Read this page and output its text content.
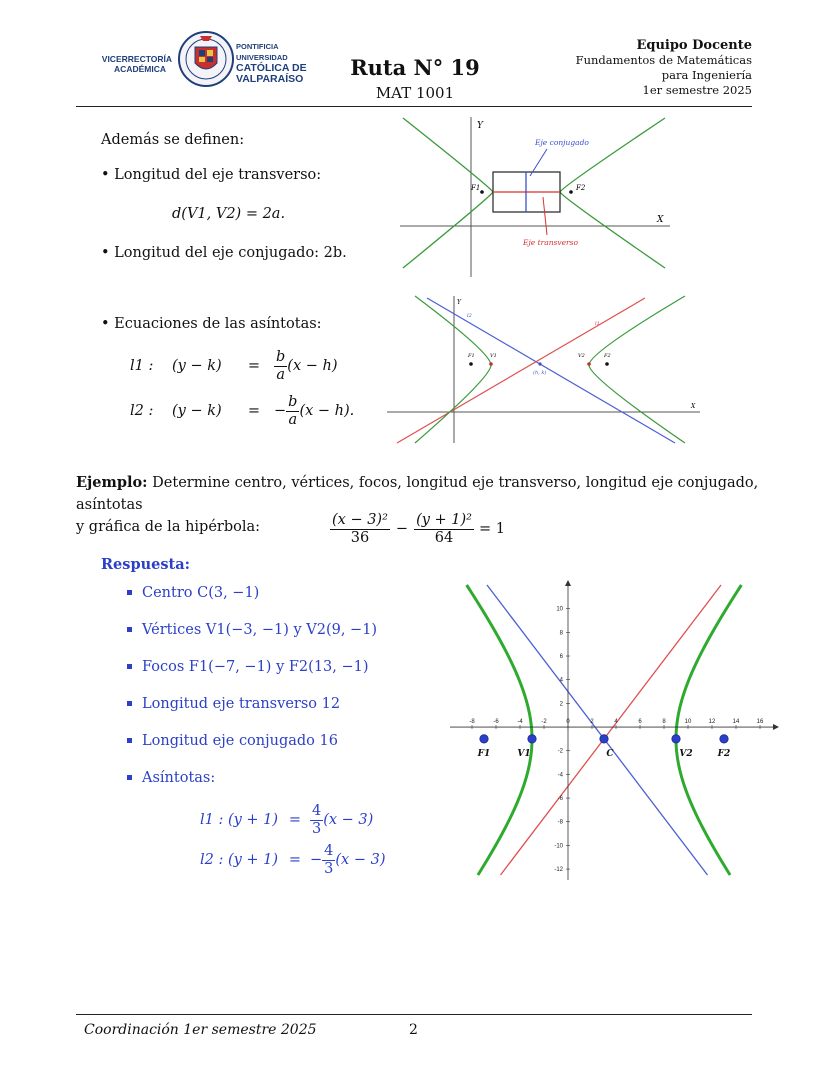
VICERRECTORÍA
ACADÉMICA
PONTIFICIA
UNIVERSIDAD
CATÓLICA DE
VALPARAÍSO	Ruta N° 19
MAT 1001
Equipo Docente
Fundamentos de Matemáticas
para Ingeniería
1er semestre 2025
Además se definen:
• Longitud del eje transverso:
d(V1, V2) = 2a.
• Longitud del eje conjugado: 2b.
• Ecuaciones de las asíntotas:
l1 :	(y − k)	= $\frac{b}{a} (x - h)$
l2 :	(y − k)	= − $\frac{b}{a} (x - h)$.
Y
X
F1	F2
Eje conjugado
Eje transverso
Y
X
l1
l2
F1	V1
(h, k)
V2	F2
Ejemplo: Determine centro, vértices, focos, longitud eje transverso, longitud eje conjugado, asíntotas
y gráfica de la hipérbola:	$\frac{\text{(x − 3)²}}{36} - \frac{\text{(y + 1)²}}{64} = 1$
Respuesta:
Centro C(3, −1)
Vértices V1(−3, −1) y V2(9, −1)
Focos F1(−7, −1) y F2(13, −1)
Longitud eje transverso 12
Longitud eje conjugado 16
Asíntotas:
l1 : $(y + 1) = \frac{4}{3} (x - 3)$
l2 : (y + 1) = − $\frac{4}{3} (x - 3)$
-8	-6	-4	-2	0	2	4	6	8	10	12	14	16
10
8
6
4
2
-2
-4
-6
-8
-10
-12
F1	V1	C	V2	F2
Coordinación 1er semestre 2025	2
